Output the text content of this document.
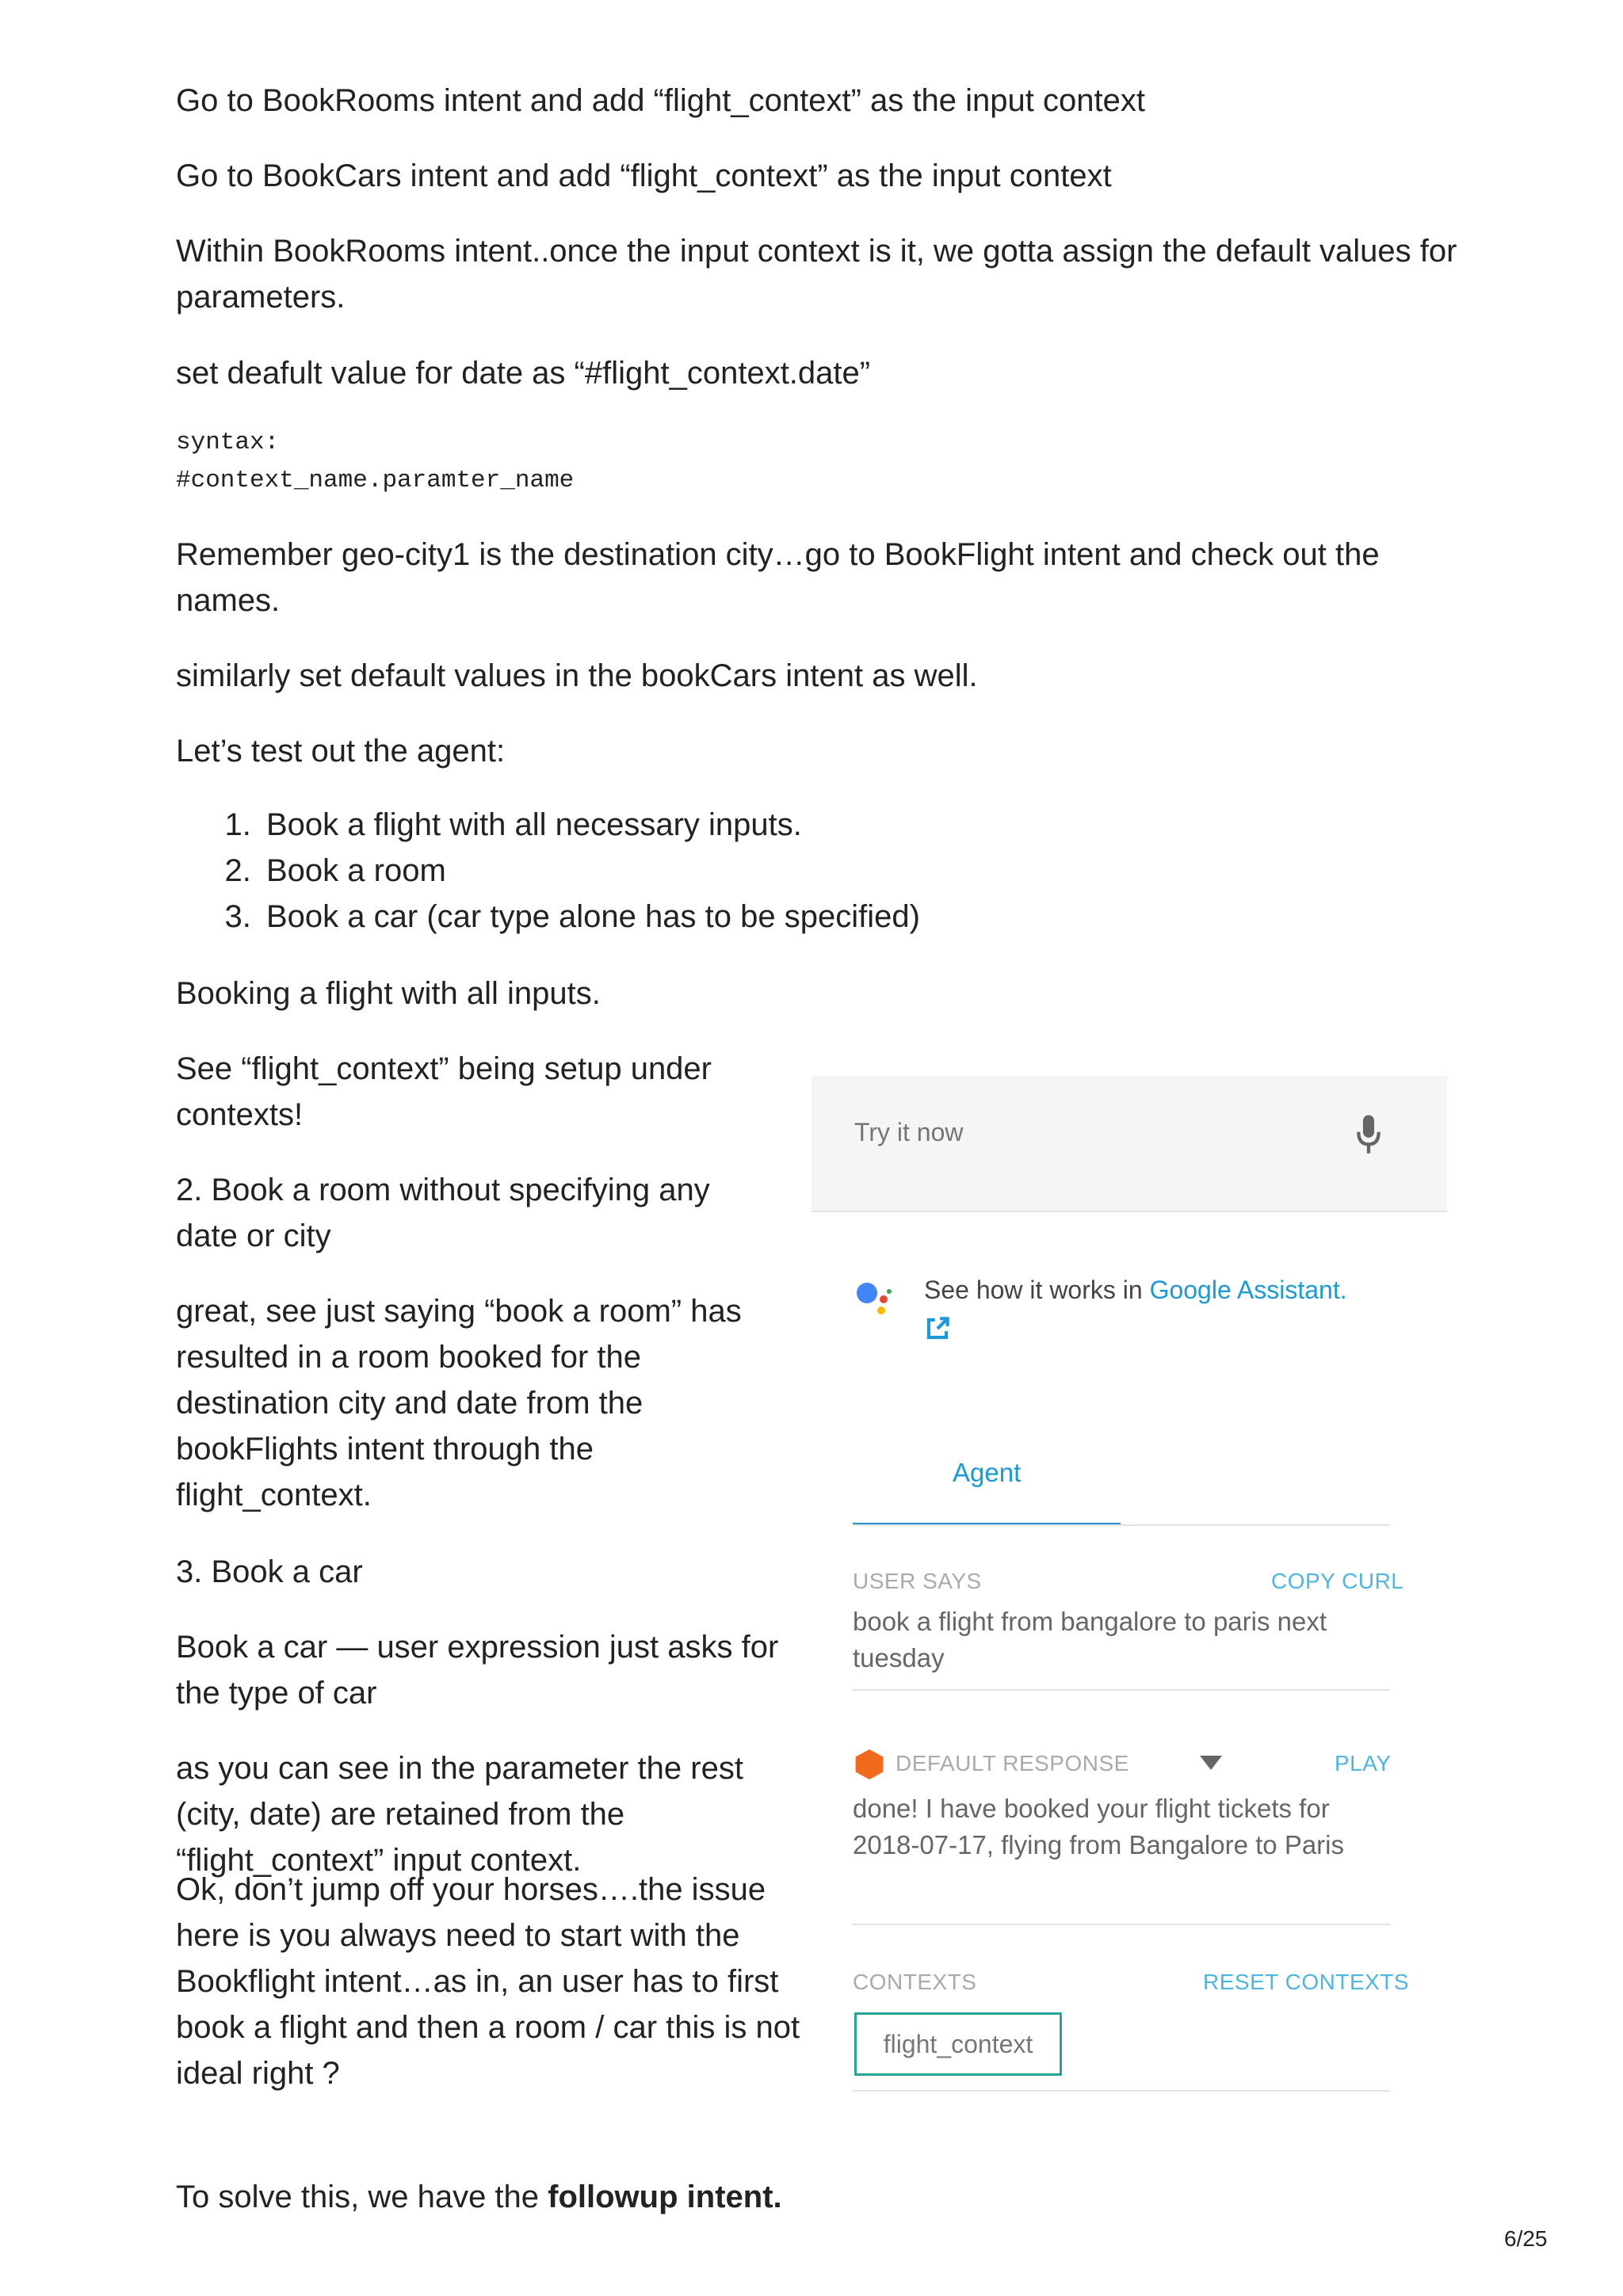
Go to BookRooms intent and add “flight_context” as the input context

Go to BookCars intent and add “flight_context” as the input context

Within BookRooms intent..once the input context is it, we gotta assign the default values for parameters.

set deafult value for date as “#flight_context.date”

syntax:

#context_name.paramter_name

Remember geo-city1 is the destination city…go to BookFlight intent and check out the names.

similarly set default values in the bookCars intent as well.

Let’s test out the agent:

1. Book a flight with all necessary inputs.
2. Book a room
3. Book a car (car type alone has to be specified)

Booking a flight with all inputs.

See “flight_context” being setup under contexts!

2. Book a room without specifying any date or city

great, see just saying “book a room” has resulted in a room booked for the destination city and date from the bookFlights intent through the flight_context.

3. Book a car

Book a car — user expression just asks for the type of car

as you can see in the parameter the rest (city, date) are retained from the “flight_context” input context.

Ok, don’t jump off your horses….the issue here is you always need to start with the Bookflight intent…as in, an user has to first book a flight and then a room / car this is not ideal right ?

To solve this, we have the followup intent.

Try it now
See how it works in Google Assistant.
Agent
USER SAYS	COPY CURL
book a flight from bangalore to paris next tuesday
DEFAULT RESPONSE	PLAY
done! I have booked your flight tickets for 2018-07-17, flying from Bangalore to Paris
CONTEXTS	RESET CONTEXTS
flight_context
6/25
